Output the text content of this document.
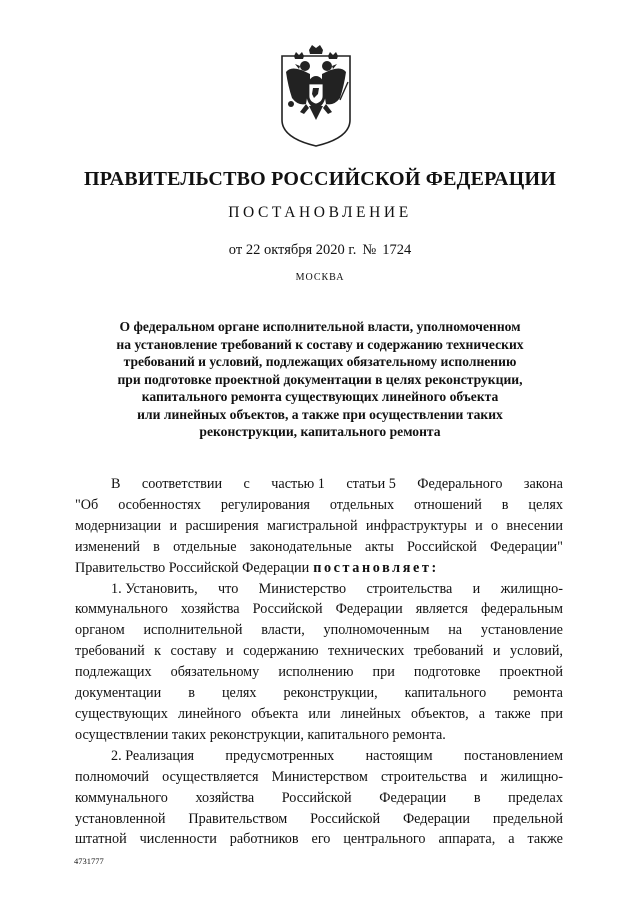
ПРАВИТЕЛЬСТВО РОССИЙСКОЙ ФЕДЕРАЦИИ
ПОСТАНОВЛЕНИЕ
от 22 октября 2020 г. № 1724
МОСКВА
О федеральном органе исполнительной власти, уполномоченном
на установление требований к составу и содержанию технических
требований и условий, подлежащих обязательному исполнению
при подготовке проектной документации в целях реконструкции,
капитального ремонта существующих линейного объекта
или линейных объектов, а также при осуществлении таких
реконструкции, капитального ремонта
В соответствии с частью 1 статьи 5 Федерального закона
"Об особенностях регулирования отдельных отношений в целях
модернизации и расширения магистральной инфраструктуры и о внесении
изменений в отдельные законодательные акты Российской Федерации"
Правительство Российской Федерации постановляет:
1. Установить, что Министерство строительства и жилищно-
коммунального хозяйства Российской Федерации является федеральным
органом исполнительной власти, уполномоченным на установление
требований к составу и содержанию технических требований и условий,
подлежащих обязательному исполнению при подготовке проектной
документации в целях реконструкции, капитального ремонта
существующих линейного объекта или линейных объектов, а также при
осуществлении таких реконструкции, капитального ремонта.
2. Реализация предусмотренных настоящим постановлением
полномочий осуществляется Министерством строительства и жилищно-
коммунального хозяйства Российской Федерации в пределах
установленной Правительством Российской Федерации предельной
штатной численности работников его центрального аппарата, а также
4731777
